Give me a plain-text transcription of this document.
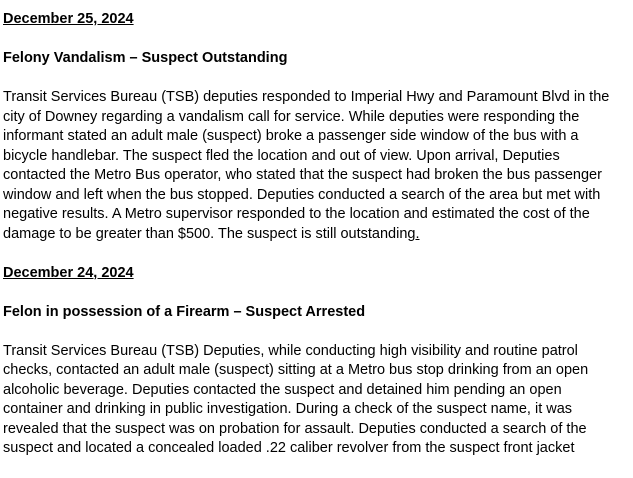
December 25, 2024
Felony Vandalism – Suspect Outstanding
Transit Services Bureau (TSB) deputies responded to Imperial Hwy and Paramount Blvd in the
city of Downey regarding a vandalism call for service. While deputies were responding the
informant stated an adult male (suspect) broke a passenger side window of the bus with a
bicycle handlebar. The suspect fled the location and out of view. Upon arrival, Deputies
contacted the Metro Bus operator, who stated that the suspect had broken the bus passenger
window and left when the bus stopped. Deputies conducted a search of the area but met with
negative results. A Metro supervisor responded to the location and estimated the cost of the
damage to be greater than $500. The suspect is still outstanding.
December 24, 2024
Felon in possession of a Firearm – Suspect Arrested
Transit Services Bureau (TSB) Deputies, while conducting high visibility and routine patrol
checks, contacted an adult male (suspect) sitting at a Metro bus stop drinking from an open
alcoholic beverage. Deputies contacted the suspect and detained him pending an open
container and drinking in public investigation. During a check of the suspect name, it was
revealed that the suspect was on probation for assault. Deputies conducted a search of the
suspect and located a concealed loaded .22 caliber revolver from the suspect front jacket
